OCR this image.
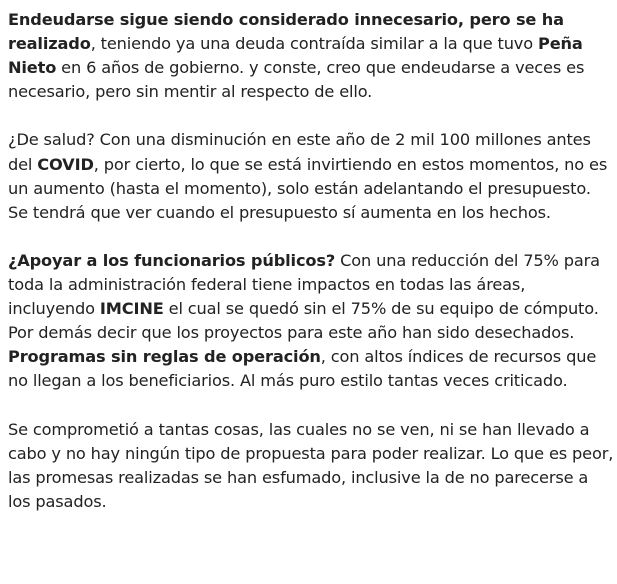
Endeudarse sigue siendo considerado innecesario, pero se ha realizado, teniendo ya una deuda contraída similar a la que tuvo Peña Nieto en 6 años de gobierno. y conste, creo que endeudarse a veces es necesario, pero sin mentir al respecto de ello.

¿De salud? Con una disminución en este año de 2 mil 100 millones antes del COVID, por cierto, lo que se está invirtiendo en estos momentos, no es un aumento (hasta el momento), solo están adelantando el presupuesto. Se tendrá que ver cuando el presupuesto sí aumenta en los hechos.

¿Apoyar a los funcionarios públicos? Con una reducción del 75% para toda la administración federal tiene impactos en todas las áreas, incluyendo IMCINE el cual se quedó sin el 75% de su equipo de cómputo. Por demás decir que los proyectos para este año han sido desechados. Programas sin reglas de operación, con altos índices de recursos que no llegan a los beneficiarios. Al más puro estilo tantas veces criticado.

Se comprometió a tantas cosas, las cuales no se ven, ni se han llevado a cabo y no hay ningún tipo de propuesta para poder realizar. Lo que es peor, las promesas realizadas se han esfumado, inclusive la de no parecerse a los pasados.
